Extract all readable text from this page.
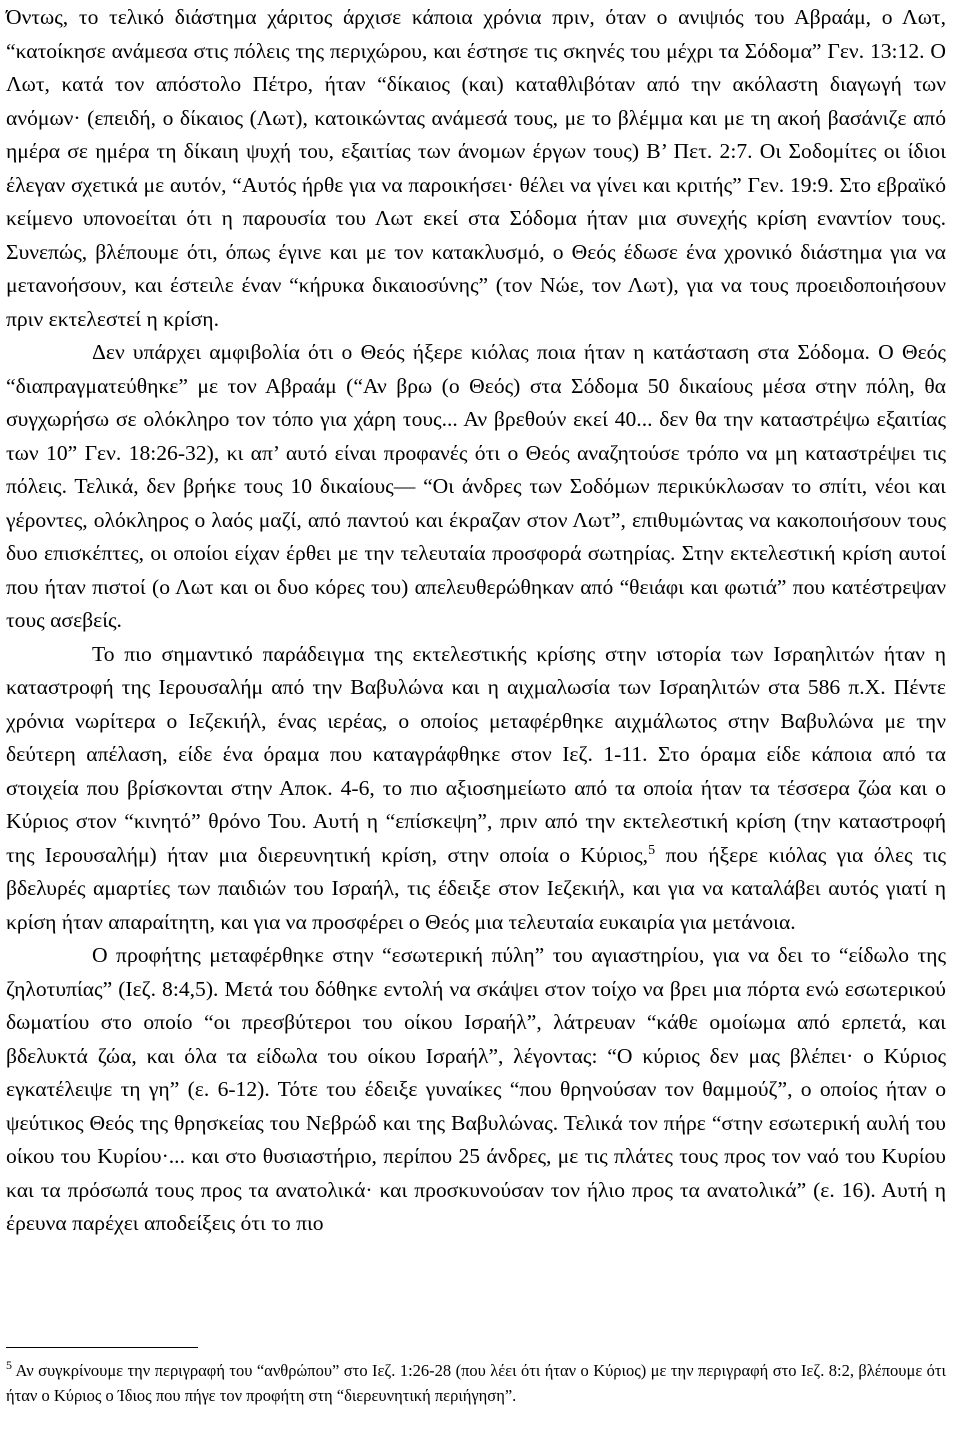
Όντως, το τελικό διάστημα χάριτος άρχισε κάποια χρόνια πριν, όταν ο ανιψιός του Αβραάμ, ο Λωτ, “κατοίκησε ανάμεσα στις πόλεις της περιχώρου, και έστησε τις σκηνές του μέχρι τα Σόδομα” Γεν. 13:12. Ο Λωτ, κατά τον απόστολο Πέτρο, ήταν “δίκαιος (και) καταθλιβόταν από την ακόλαστη διαγωγή των ανόμων· (επειδή, ο δίκαιος (Λωτ), κατοικώντας ανάμεσά τους, με το βλέμμα και με τη ακοή βασάνιζε από ημέρα σε ημέρα τη δίκαιη ψυχή του, εξαιτίας των άνομων έργων τους) Β’ Πετ. 2:7. Οι Σοδομίτες οι ίδιοι έλεγαν σχετικά με αυτόν, “Αυτός ήρθε για να παροικήσει· θέλει να γίνει και κριτής” Γεν. 19:9. Στο εβραϊκό κείμενο υπονοείται ότι η παρουσία του Λωτ εκεί στα Σόδομα ήταν μια συνεχής κρίση εναντίον τους. Συνεπώς, βλέπουμε ότι, όπως έγινε και με τον κατακλυσμό, ο Θεός έδωσε ένα χρονικό διάστημα για να μετανοήσουν, και έστειλε έναν “κήρυκα δικαιοσύνης” (τον Νώε, τον Λωτ), για να τους προειδοποιήσουν πριν εκτελεστεί η κρίση.

Δεν υπάρχει αμφιβολία ότι ο Θεός ήξερε κιόλας ποια ήταν η κατάσταση στα Σόδομα. Ο Θεός “διαπραγματεύθηκε” με τον Αβραάμ (“Αν βρω (ο Θεός) στα Σόδομα 50 δικαίους μέσα στην πόλη, θα συγχωρήσω σε ολόκληρο τον τόπο για χάρη τους... Αν βρεθούν εκεί 40... δεν θα την καταστρέψω εξαιτίας των 10” Γεν. 18:26-32), κι απ’ αυτό είναι προφανές ότι ο Θεός αναζητούσε τρόπο να μη καταστρέψει τις πόλεις. Τελικά, δεν βρήκε τους 10 δικαίους— “Οι άνδρες των Σοδόμων περικύκλωσαν το σπίτι, νέοι και γέροντες, ολόκληρος ο λαός μαζί, από παντού και έκραζαν στον Λωτ”, επιθυμώντας να κακοποιήσουν τους δυο επισκέπτες, οι οποίοι είχαν έρθει με την τελευταία προσφορά σωτηρίας. Στην εκτελεστική κρίση αυτοί που ήταν πιστοί (ο Λωτ και οι δυο κόρες του) απελευθερώθηκαν από “θειάφι και φωτιά” που κατέστρεψαν τους ασεβείς.

Το πιο σημαντικό παράδειγμα της εκτελεστικής κρίσης στην ιστορία των Ισραηλιτών ήταν η καταστροφή της Ιερουσαλήμ από την Βαβυλώνα και η αιχμαλωσία των Ισραηλιτών στα 586 π.Χ. Πέντε χρόνια νωρίτερα ο Ιεζεκιήλ, ένας ιερέας, ο οποίος μεταφέρθηκε αιχμάλωτος στην Βαβυλώνα με την δεύτερη απέλαση, είδε ένα όραμα που καταγράφθηκε στον Ιεζ. 1-11. Στο όραμα είδε κάποια από τα στοιχεία που βρίσκονται στην Αποκ. 4-6, το πιο αξιοσημείωτο από τα οποία ήταν τα τέσσερα ζώα και ο Κύριος στον “κινητό” θρόνο Του. Αυτή η “επίσκεψη”, πριν από την εκτελεστική κρίση (την καταστροφή της Ιερουσαλήμ) ήταν μια διερευνητική κρίση, στην οποία ο Κύριος,$^5$ που ήξερε κιόλας για όλες τις βδελυρές αμαρτίες των παιδιών του Ισραήλ, τις έδειξε στον Ιεζεκιήλ, και για να καταλάβει αυτός γιατί η κρίση ήταν απαραίτητη, και για να προσφέρει ο Θεός μια τελευταία ευκαιρία για μετάνοια.

Ο προφήτης μεταφέρθηκε στην “εσωτερική πύλη” του αγιαστηρίου, για να δει το “είδωλο της ζηλοτυπίας” (Ιεζ. 8:4,5). Μετά του δόθηκε εντολή να σκάψει στον τοίχο να βρει μια πόρτα ενώ εσωτερικού δωματίου στο οποίο “οι πρεσβύτεροι του οίκου Ισραήλ”, λάτρευαν “κάθε ομοίωμα από ερπετά, και βδελυκτά ζώα, και όλα τα είδωλα του οίκου Ισραήλ”, λέγοντας: “Ο κύριος δεν μας βλέπει· ο Κύριος εγκατέλειψε τη γη” (ε. 6-12). Τότε του έδειξε γυναίκες “που θρηνούσαν τον θαμμούζ”, ο οποίος ήταν ο ψεύτικος Θεός της θρησκείας του Νεβρώδ και της Βαβυλώνας. Τελικά τον πήρε “στην εσωτερική αυλή του οίκου του Κυρίου·... και στο θυσιαστήριο, περίπου 25 άνδρες, με τις πλάτες τους προς τον ναό του Κυρίου και τα πρόσωπά τους προς τα ανατολικά· και προσκυνούσαν τον ήλιο προς τα ανατολικά” (ε. 16). Αυτή η έρευνα παρέχει αποδείξεις ότι το πιο

$^5$ Αν συγκρίνουμε την περιγραφή του “ανθρώπου” στο Ιεζ. 1:26-28 (που λέει ότι ήταν ο Κύριος) με την περιγραφή στο Ιεζ. 8:2, βλέπουμε ότι ήταν ο Κύριος ο Ίδιος που πήγε τον προφήτη στη “διερευνητική περιήγηση”.
